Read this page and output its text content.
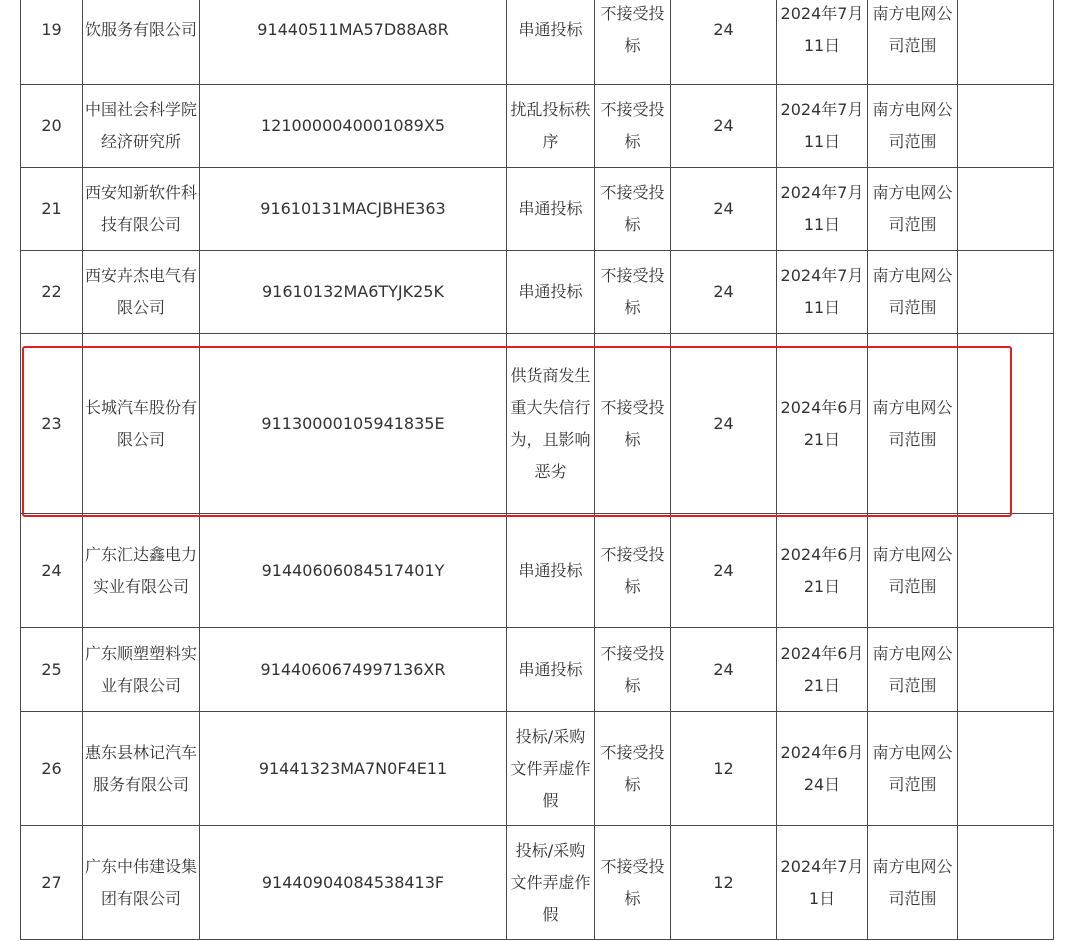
19	饮服务有限公司	91440511MA57D88A8R	串通投标	不接受投标	24	2024年7月11日	南方电网公司范围	

20	中国社会科学院经济研究所	1210000040001089X5	扰乱投标秩序	不接受投标	24	2024年7月11日	南方电网公司范围	

21	西安知新软件科技有限公司	91610131MACJBHE363	串通投标	不接受投标	24	2024年7月11日	南方电网公司范围	

22	西安卉杰电气有限公司	91610132MA6TYJK25K	串通投标	不接受投标	24	2024年7月11日	南方电网公司范围	

23	长城汽车股份有限公司	91130000105941835E	供货商发生重大失信行为，且影响恶劣	不接受投标	24	2024年6月21日	南方电网公司范围	

24	广东汇达鑫电力实业有限公司	91440606084517401Y	串通投标	不接受投标	24	2024年6月21日	南方电网公司范围	

25	广东顺塑塑料实业有限公司	9144060674997136XR	串通投标	不接受投标	24	2024年6月21日	南方电网公司范围	

26	惠东县林记汽车服务有限公司	91441323MA7N0F4E11	投标/采购文件弄虚作假	不接受投标	12	2024年6月24日	南方电网公司范围	

27	广东中伟建设集团有限公司	91440904084538413F	投标/采购文件弄虚作假	不接受投标	12	2024年7月1日	南方电网公司范围	
